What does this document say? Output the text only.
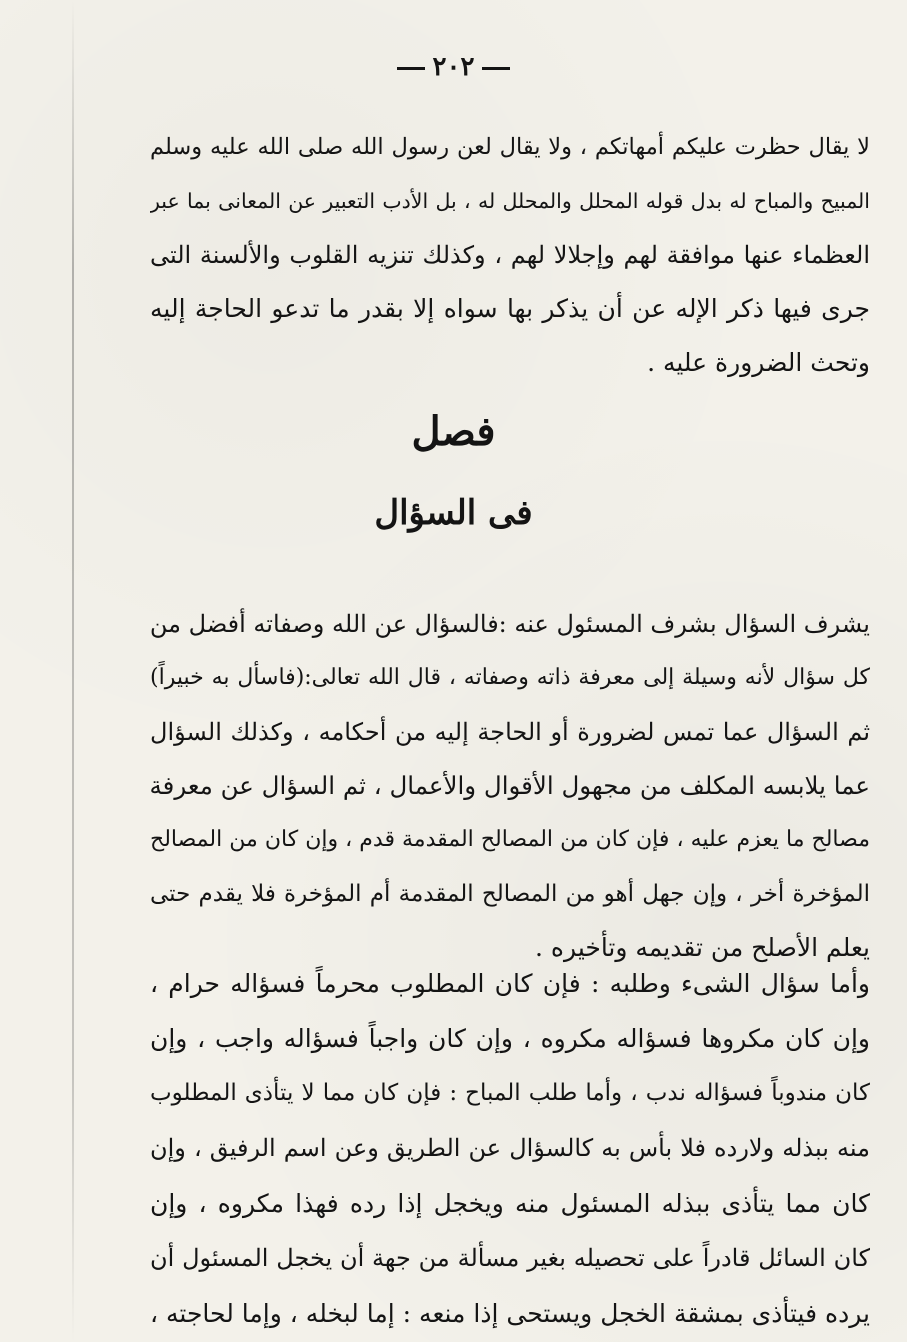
٢٠٢
لا يقال حظرت عليكم أمهاتكم ، ولا يقال لعن رسول الله صلى الله عليه وسلم
المبيح والمباح له بدل قوله المحلل والمحلل له ، بل الأدب التعبير عن المعانى بما عبر
العظماء عنها موافقة لهم وإجلالا لهم ، وكذلك تنزيه القلوب والألسنة التى
جرى فيها ذكر الإله عن أن يذكر بها سواه إلا بقدر ما تدعو الحاجة إليه
وتحث الضرورة عليه .
فصل
فى السؤال
يشرف السؤال بشرف المسئول عنه :فالسؤال عن الله وصفاته أفضل من
كل سؤال لأنه وسيلة إلى معرفة ذاته وصفاته ، قال الله تعالى:(فاسأل به خبيراً)
ثم السؤال عما تمس لضرورة أو الحاجة إليه من أحكامه ، وكذلك السؤال
عما يلابسه المكلف من مجهول الأقوال والأعمال ، ثم السؤال عن معرفة
مصالح ما يعزم عليه ، فإن كان من المصالح المقدمة قدم ، وإن كان من المصالح
المؤخرة أخر ، وإن جهل أهو من المصالح المقدمة أم المؤخرة فلا يقدم حتى
يعلم الأصلح من تقديمه وتأخيره .
وأما سؤال الشىء وطلبه : فإن كان المطلوب محرماً فسؤاله حرام ،
وإن كان مكروها فسؤاله مكروه ، وإن كان واجباً فسؤاله واجب ، وإن
كان مندوباً فسؤاله ندب ، وأما طلب المباح : فإن كان مما لا يتأذى المطلوب
منه ببذله ولارده فلا بأس به كالسؤال عن الطريق وعن اسم الرفيق ، وإن
كان مما يتأذى ببذله المسئول منه ويخجل إذا رده فهذا مكروه ، وإن
كان السائل قادراً على تحصيله بغير مسألة من جهة أن يخجل المسئول أن
يرده فيتأذى بمشقة الخجل ويستحى إذا منعه : إما لبخله ، وإما لحاجته ،
